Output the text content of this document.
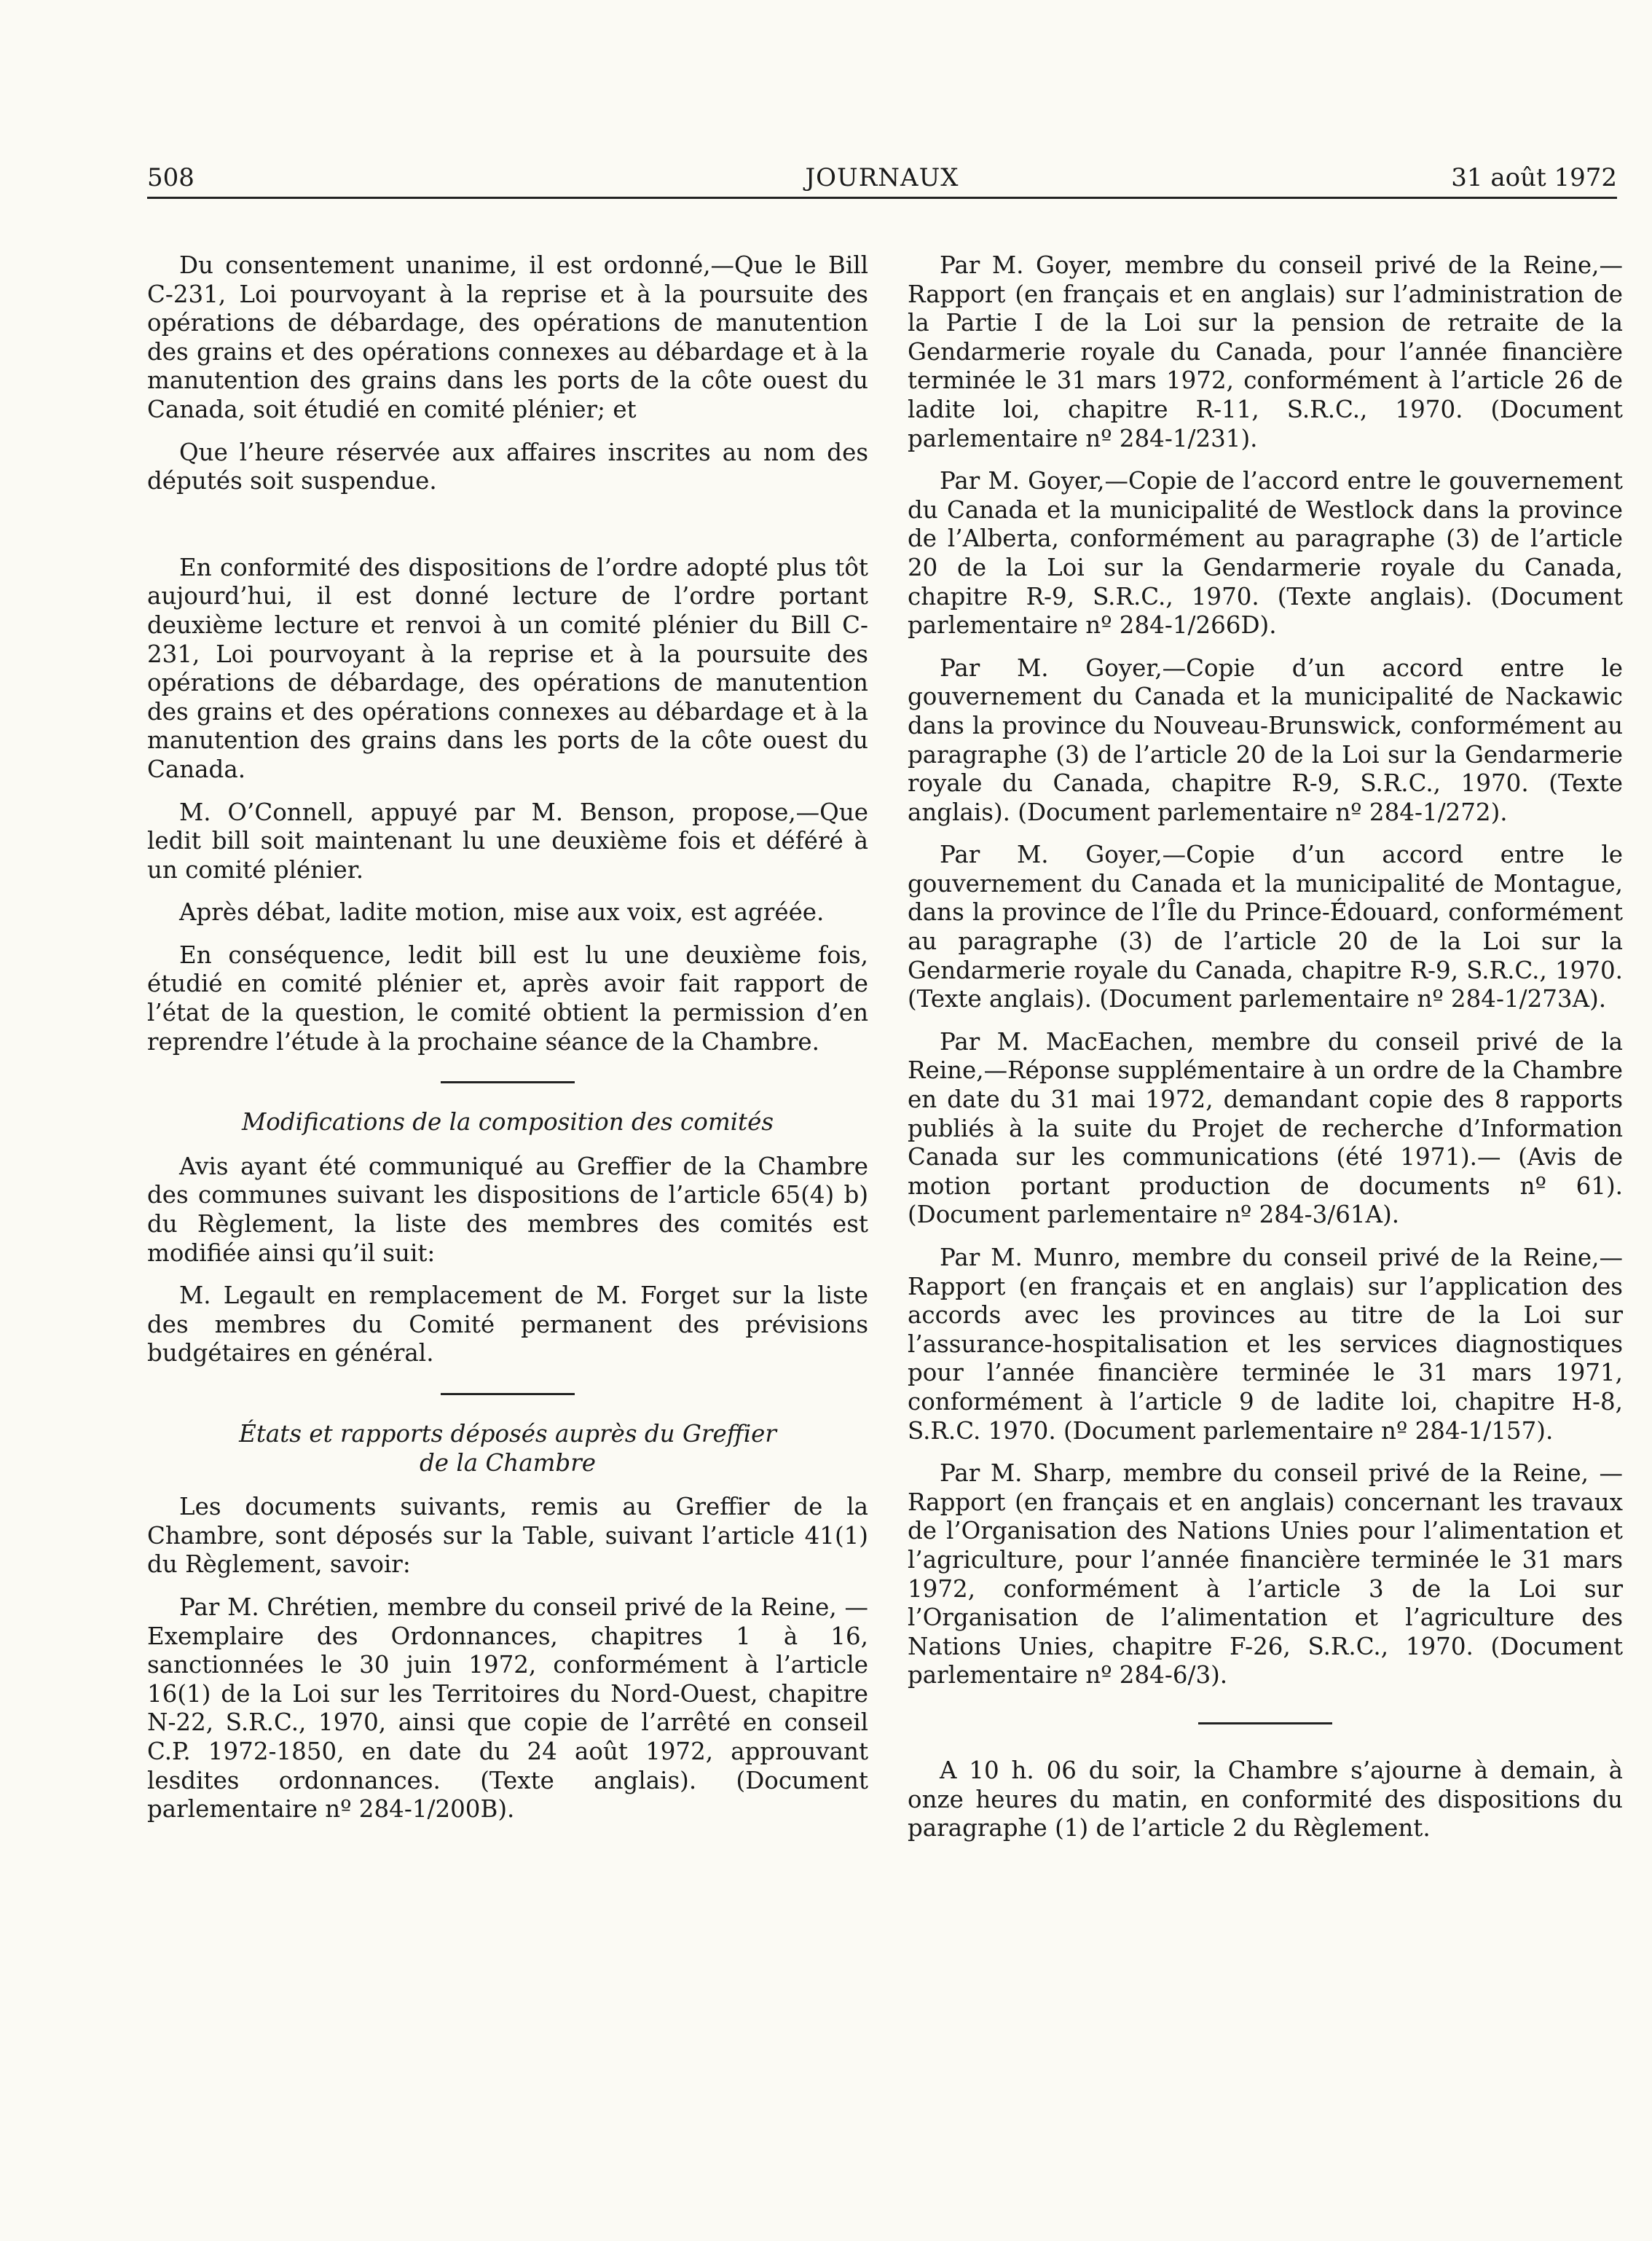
508	JOURNAUX	31 août 1972

Du consentement unanime, il est ordonné,—Que le Bill C-231, Loi pourvoyant à la reprise et à la poursuite des opérations de débardage, des opérations de manutention des grains et des opérations connexes au débardage et à la manutention des grains dans les ports de la côte ouest du Canada, soit étudié en comité plénier; et

Que l’heure réservée aux affaires inscrites au nom des députés soit suspendue.

En conformité des dispositions de l’ordre adopté plus tôt aujourd’hui, il est donné lecture de l’ordre portant deuxième lecture et renvoi à un comité plénier du Bill C-231, Loi pourvoyant à la reprise et à la poursuite des opérations de débardage, des opérations de manutention des grains et des opérations connexes au débardage et à la manutention des grains dans les ports de la côte ouest du Canada.

M. O’Connell, appuyé par M. Benson, propose,—Que ledit bill soit maintenant lu une deuxième fois et déféré à un comité plénier.

Après débat, ladite motion, mise aux voix, est agréée.

En conséquence, ledit bill est lu une deuxième fois, étudié en comité plénier et, après avoir fait rapport de l’état de la question, le comité obtient la permission d’en reprendre l’étude à la prochaine séance de la Chambre.

Modifications de la composition des comités

Avis ayant été communiqué au Greffier de la Chambre des communes suivant les dispositions de l’article 65(4) b) du Règlement, la liste des membres des comités est modifiée ainsi qu’il suit:

M. Legault en remplacement de M. Forget sur la liste des membres du Comité permanent des prévisions budgétaires en général.

États et rapports déposés auprès du Greffier
de la Chambre

Les documents suivants, remis au Greffier de la Chambre, sont déposés sur la Table, suivant l’article 41(1) du Règlement, savoir:

Par M. Chrétien, membre du conseil privé de la Reine, —Exemplaire des Ordonnances, chapitres 1 à 16, sanctionnées le 30 juin 1972, conformément à l’article 16(1) de la Loi sur les Territoires du Nord-Ouest, chapitre N-22, S.R.C., 1970, ainsi que copie de l’arrêté en conseil C.P. 1972-1850, en date du 24 août 1972, approuvant lesdites ordonnances. (Texte anglais). (Document parlementaire nº 284-1/200B).

Par M. Goyer, membre du conseil privé de la Reine,—Rapport (en français et en anglais) sur l’administration de la Partie I de la Loi sur la pension de retraite de la Gendarmerie royale du Canada, pour l’année financière terminée le 31 mars 1972, conformément à l’article 26 de ladite loi, chapitre R-11, S.R.C., 1970. (Document parlementaire nº 284-1/231).

Par M. Goyer,—Copie de l’accord entre le gouvernement du Canada et la municipalité de Westlock dans la province de l’Alberta, conformément au paragraphe (3) de l’article 20 de la Loi sur la Gendarmerie royale du Canada, chapitre R-9, S.R.C., 1970. (Texte anglais). (Document parlementaire nº 284-1/266D).

Par M. Goyer,—Copie d’un accord entre le gouvernement du Canada et la municipalité de Nackawic dans la province du Nouveau-Brunswick, conformément au paragraphe (3) de l’article 20 de la Loi sur la Gendarmerie royale du Canada, chapitre R-9, S.R.C., 1970. (Texte anglais). (Document parlementaire nº 284-1/272).

Par M. Goyer,—Copie d’un accord entre le gouvernement du Canada et la municipalité de Montague, dans la province de l’Île du Prince-Édouard, conformément au paragraphe (3) de l’article 20 de la Loi sur la Gendarmerie royale du Canada, chapitre R-9, S.R.C., 1970. (Texte anglais). (Document parlementaire nº 284-1/273A).

Par M. MacEachen, membre du conseil privé de la Reine,—Réponse supplémentaire à un ordre de la Chambre en date du 31 mai 1972, demandant copie des 8 rapports publiés à la suite du Projet de recherche d’Information Canada sur les communications (été 1971).— (Avis de motion portant production de documents nº 61). (Document parlementaire nº 284-3/61A).

Par M. Munro, membre du conseil privé de la Reine,—Rapport (en français et en anglais) sur l’application des accords avec les provinces au titre de la Loi sur l’assurance-hospitalisation et les services diagnostiques pour l’année financière terminée le 31 mars 1971, conformément à l’article 9 de ladite loi, chapitre H-8, S.R.C. 1970. (Document parlementaire nº 284-1/157).

Par M. Sharp, membre du conseil privé de la Reine, —Rapport (en français et en anglais) concernant les travaux de l’Organisation des Nations Unies pour l’alimentation et l’agriculture, pour l’année financière terminée le 31 mars 1972, conformément à l’article 3 de la Loi sur l’Organisation de l’alimentation et l’agriculture des Nations Unies, chapitre F-26, S.R.C., 1970. (Document parlementaire nº 284-6/3).

A 10 h. 06 du soir, la Chambre s’ajourne à demain, à onze heures du matin, en conformité des dispositions du paragraphe (1) de l’article 2 du Règlement.
